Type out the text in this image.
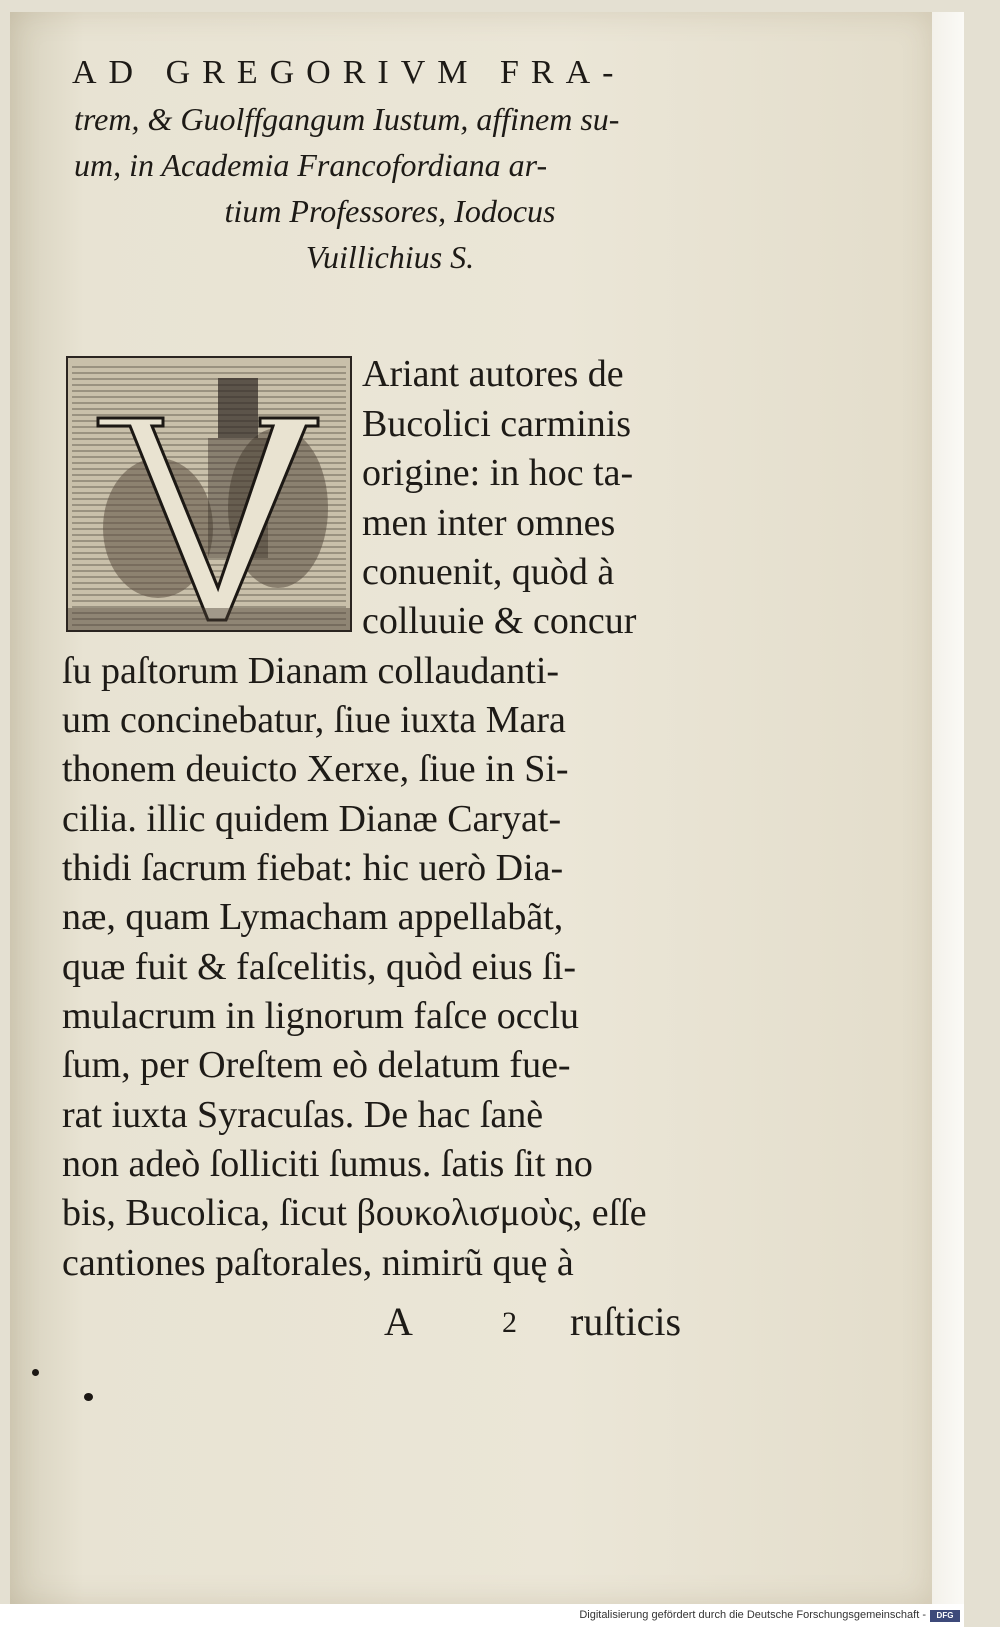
AD GREGORIVM FRA-
trem, & Guolffgangum Iustum, affinem su-
um, in Academia Francofordiana ar-
tium Professores, Iodocus
Vuillichius S.
Ariant autores de
Bucolici carminis
origine: in hoc ta-
men inter omnes
conuenit, quòd à
colluuie & concur
ſu paſtorum Dianam collaudanti-
um concinebatur, ſiue iuxta Mara
thonem deuicto Xerxe, ſiue in Si-
cilia. illic quidem Dianæ Caryat-
thidi ſacrum fiebat: hic uerò Dia-
næ, quam Lymacham appellabãt,
quæ fuit & faſcelitis, quòd eius ſi-
mulacrum in lignorum faſce occlu
ſum, per Oreſtem eò delatum fue-
rat iuxta Syracuſas. De hac ſanè
non adeò ſolliciti ſumus. ſatis ſit no
bis, Bucolica, ſicut βουκολισμοὺς, eſſe
cantiones paſtorales, nimirũ quę à
A	2 ruſticis
Digitalisierung gefördert durch die Deutsche Forschungsgemeinschaft -	DFG
